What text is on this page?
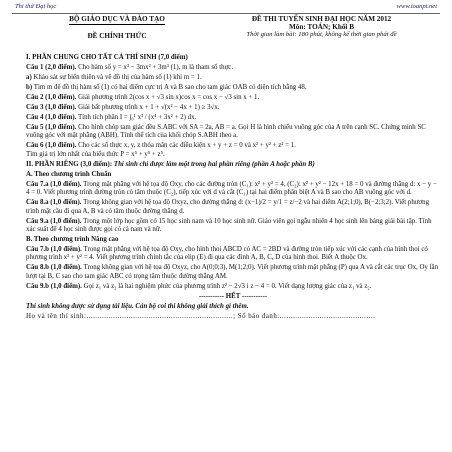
Thi thử Đại học	www.toanpt.net
BỘ GIÁO DỤC VÀ ĐÀO TẠO
ĐỀ CHÍNH THỨC
ĐỀ THI TUYỂN SINH ĐẠI HỌC NĂM 2012
Môn: TOÁN; Khối B
Thời gian làm bài: 180 phút, không kể thời gian phát đề

I. PHẦN CHUNG CHO TẤT CẢ THÍ SINH (7,0 điểm)

Câu 1 (2,0 điểm). Cho hàm số y = x³ − 3mx² + 3m³ (1), m là tham số thực.

a) Khảo sát sự biến thiên và vẽ đồ thị của hàm số (1) khi m = 1.

b) Tìm m để đồ thị hàm số (1) có hai điểm cực trị A và B sao cho tam giác OAB có diện tích bằng 48.

Câu 2 (1,0 điểm). Giải phương trình 2(cos x + √3 sin x)cos x = cos x − √3 sin x + 1.

Câu 3 (1,0 điểm). Giải bất phương trình x + 1 + √(x² − 4x + 1) ≥ 3√x.

Câu 4 (1,0 điểm). Tính tích phân I = ∫₀¹ x³ / (x⁴ + 3x² + 2) dx.

Câu 5 (1,0 điểm). Cho hình chóp tam giác đều S.ABC với SA = 2a, AB = a. Gọi H là hình chiếu vuông góc của A trên cạnh SC. Chứng minh SC vuông góc với mặt phẳng (ABH). Tính thể tích của khối chóp S.ABH theo a.

Câu 6 (1,0 điểm). Cho các số thực x, y, z thỏa mãn các điều kiện x + y + z = 0 và x² + y² + z² = 1.
Tìm giá trị lớn nhất của biểu thức P = x⁵ + y⁵ + z⁵.

II. PHẦN RIÊNG (3,0 điểm): Thí sinh chỉ được làm một trong hai phần riêng (phần A hoặc phần B)

A. Theo chương trình Chuẩn

Câu 7.a (1,0 điểm). Trong mặt phẳng với hệ tọa độ Oxy, cho các đường tròn (C₁): x² + y² = 4, (C₂): x² + y² − 12x + 18 = 0 và đường thẳng d: x − y − 4 = 0. Viết phương trình đường tròn có tâm thuộc (C₂), tiếp xúc với d và cắt (C₁) tại hai điểm phân biệt A và B sao cho AB vuông góc với d.

Câu 8.a (1,0 điểm). Trong không gian với hệ tọa độ Oxyz, cho đường thẳng d: (x−1)/2 = y/1 = z/−2 và hai điểm A(2;1;0), B(−2;3;2). Viết phương trình mặt cầu đi qua A, B và có tâm thuộc đường thẳng d.

Câu 9.a (1,0 điểm). Trong một lớp học gồm có 15 học sinh nam và 10 học sinh nữ. Giáo viên gọi ngẫu nhiên 4 học sinh lên bảng giải bài tập. Tính xác suất để 4 học sinh được gọi có cả nam và nữ.

B. Theo chương trình Nâng cao

Câu 7.b (1,0 điểm). Trong mặt phẳng với hệ tọa độ Oxy, cho hình thoi ABCD có AC = 2BD và đường tròn tiếp xúc với các cạnh của hình thoi có phương trình x² + y² = 4. Viết phương trình chính tắc của elip (E) đi qua các đỉnh A, B, C, D của hình thoi. Biết A thuộc Ox.

Câu 8.b (1,0 điểm). Trong không gian với hệ tọa độ Oxyz, cho A(0;0;3), M(1;2;0). Viết phương trình mặt phẳng (P) qua A và cắt các trục Ox, Oy lần lượt tại B, C sao cho tam giác ABC có trọng tâm thuộc đường thẳng AM.

Câu 9.b (1,0 điểm). Gọi z₁ và z₂ là hai nghiệm phức của phương trình z² − 2√3 i z − 4 = 0. Viết dạng lượng giác của z₁ và z₂.

----------- HẾT -----------

Thí sinh không được sử dụng tài liệu. Cán bộ coi thi không giải thích gì thêm.

Họ và tên thí sinh:..................................................................; Số báo danh:...........................................
